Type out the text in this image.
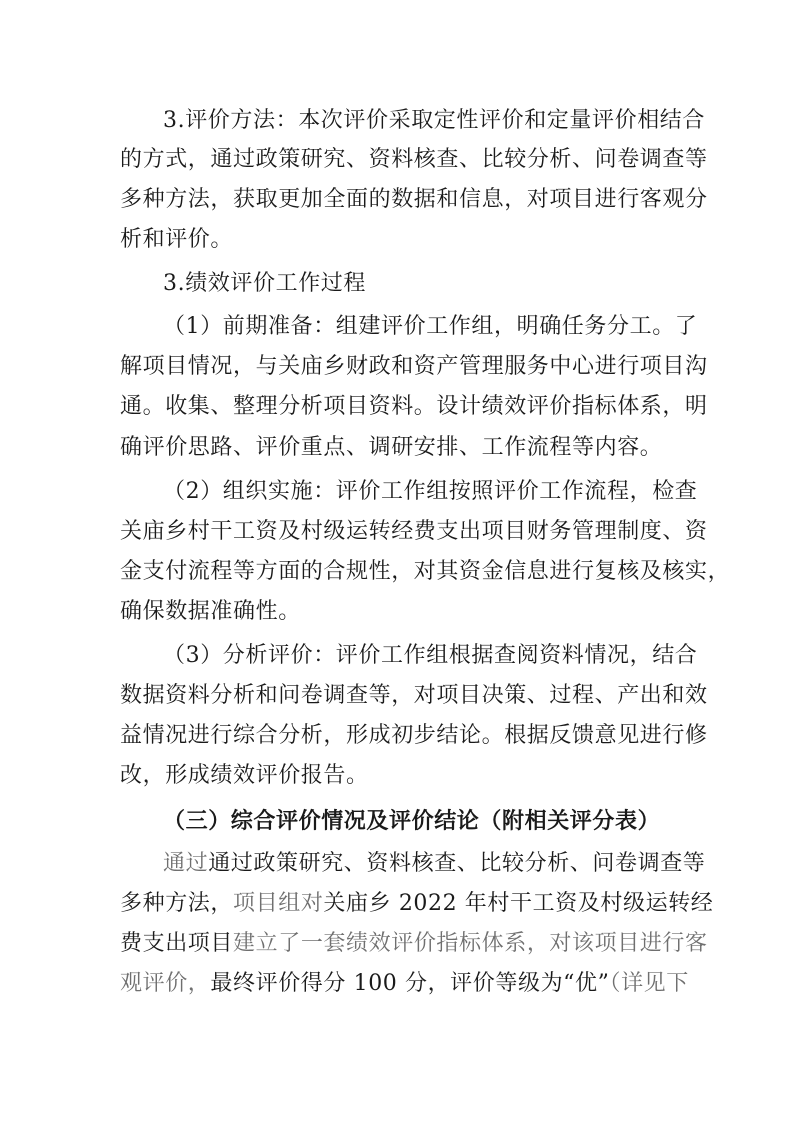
3.评价方法：本次评价采取定性评价和定量评价相结合
的方式，通过政策研究、资料核查、比较分析、问卷调查等
多种方法，获取更加全面的数据和信息，对项目进行客观分
析和评价。
3.绩效评价工作过程
（1）前期准备：组建评价工作组，明确任务分工。了
解项目情况，与关庙乡财政和资产管理服务中心进行项目沟
通。收集、整理分析项目资料。设计绩效评价指标体系，明
确评价思路、评价重点、调研安排、工作流程等内容。
（2）组织实施：评价工作组按照评价工作流程，检查
关庙乡村干工资及村级运转经费支出项目财务管理制度、资
金支付流程等方面的合规性，对其资金信息进行复核及核实，
确保数据准确性。
（3）分析评价：评价工作组根据查阅资料情况，结合
数据资料分析和问卷调查等，对项目决策、过程、产出和效
益情况进行综合分析，形成初步结论。根据反馈意见进行修
改，形成绩效评价报告。
（三）综合评价情况及评价结论（附相关评分表）
通过通过政策研究、资料核查、比较分析、问卷调查等
多种方法，项目组对关庙乡 2022 年村干工资及村级运转经
费支出项目建立了一套绩效评价指标体系，对该项目进行客
观评价，最终评价得分 100 分，评价等级为“优”（详见下
